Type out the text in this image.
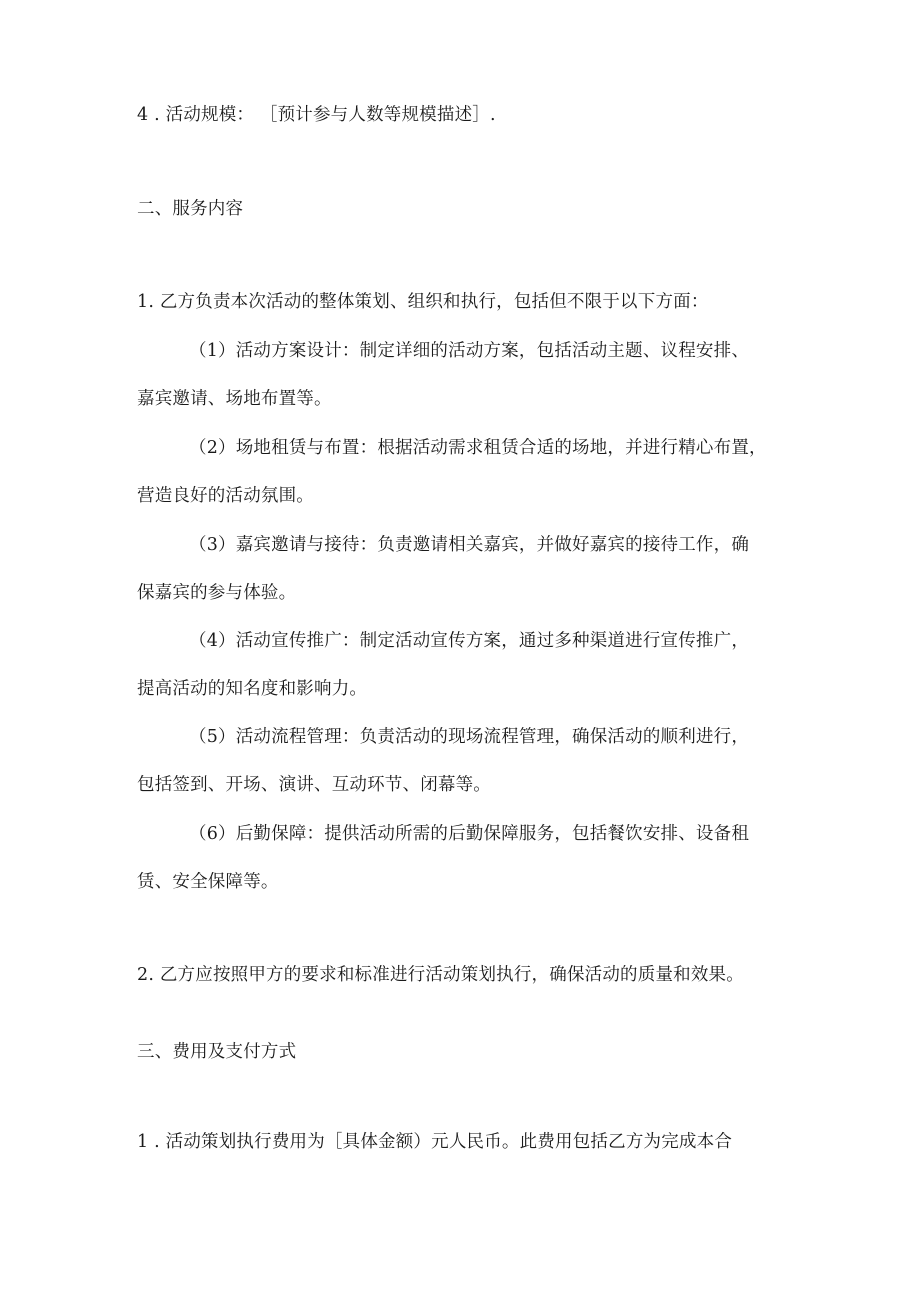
4 . 活动规模： ［预计参与人数等规模描述］.
二、服务内容
1. 乙方负责本次活动的整体策划、组织和执行，包括但不限于以下方面：
（1）活动方案设计：制定详细的活动方案，包括活动主题、议程安排、
嘉宾邀请、场地布置等。
（2）场地租赁与布置：根据活动需求租赁合适的场地，并进行精心布置，
营造良好的活动氛围。
（3）嘉宾邀请与接待：负责邀请相关嘉宾，并做好嘉宾的接待工作，确
保嘉宾的参与体验。
（4）活动宣传推广：制定活动宣传方案，通过多种渠道进行宣传推广，
提高活动的知名度和影响力。
（5）活动流程管理：负责活动的现场流程管理，确保活动的顺利进行，
包括签到、开场、演讲、互动环节、闭幕等。
（6）后勤保障：提供活动所需的后勤保障服务，包括餐饮安排、设备租
赁、安全保障等。
2. 乙方应按照甲方的要求和标准进行活动策划执行，确保活动的质量和效果。
三、费用及支付方式
1 . 活动策划执行费用为［具体金额）元人民币。此费用包括乙方为完成本合
